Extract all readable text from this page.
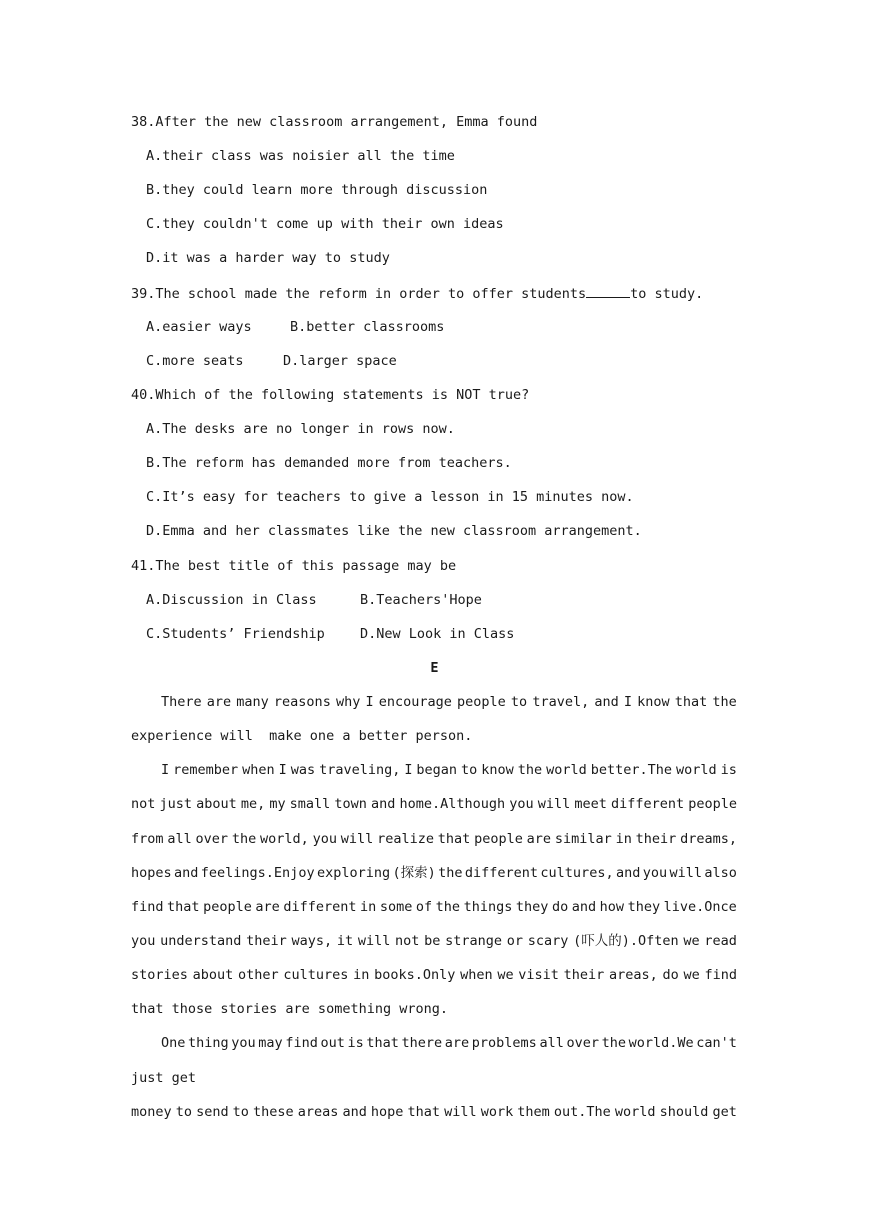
38.After the new classroom arrangement, Emma found
A.their class was noisier all the time
B.they could learn more through discussion
C.they couldn't come up with their own ideas
D.it was a harder way to study
39.The school made the reform in order to offer students	to study.
A.easier ways	B.better classrooms
C.more seats	D.larger space
40.Which of the following statements is NOT true?
A.The desks are no longer in rows now.
B.The reform has demanded more from teachers.
C.It’s easy for teachers to give a lesson in 15 minutes now.
D.Emma and her classmates like the new classroom arrangement.
41.The best title of this passage may be
A.Discussion in Class	B.Teachers'Hope
C.Students’ Friendship	D.New Look in Class
E
There are many reasons why I encourage people to travel, and I know that the
experience will  make one a better person.
I remember when I was traveling, I began to know the world better.The world is
not just about me, my small town and home.Although you will meet different people
from all over the world, you will realize that people are similar in their dreams,
hopes and feelings.Enjoy exploring (探索) the different cultures, and you will also
find that people are different in some of the things they do and how they live.Once
you understand their ways, it will not be strange or scary (吓人的).Often we read
stories about other cultures in books.Only when we visit their areas, do we find
that those stories are something wrong.
One thing you may find out is that there are problems all over the world.We can't
just get
money to send to these areas and hope that will work them out.The world should get
